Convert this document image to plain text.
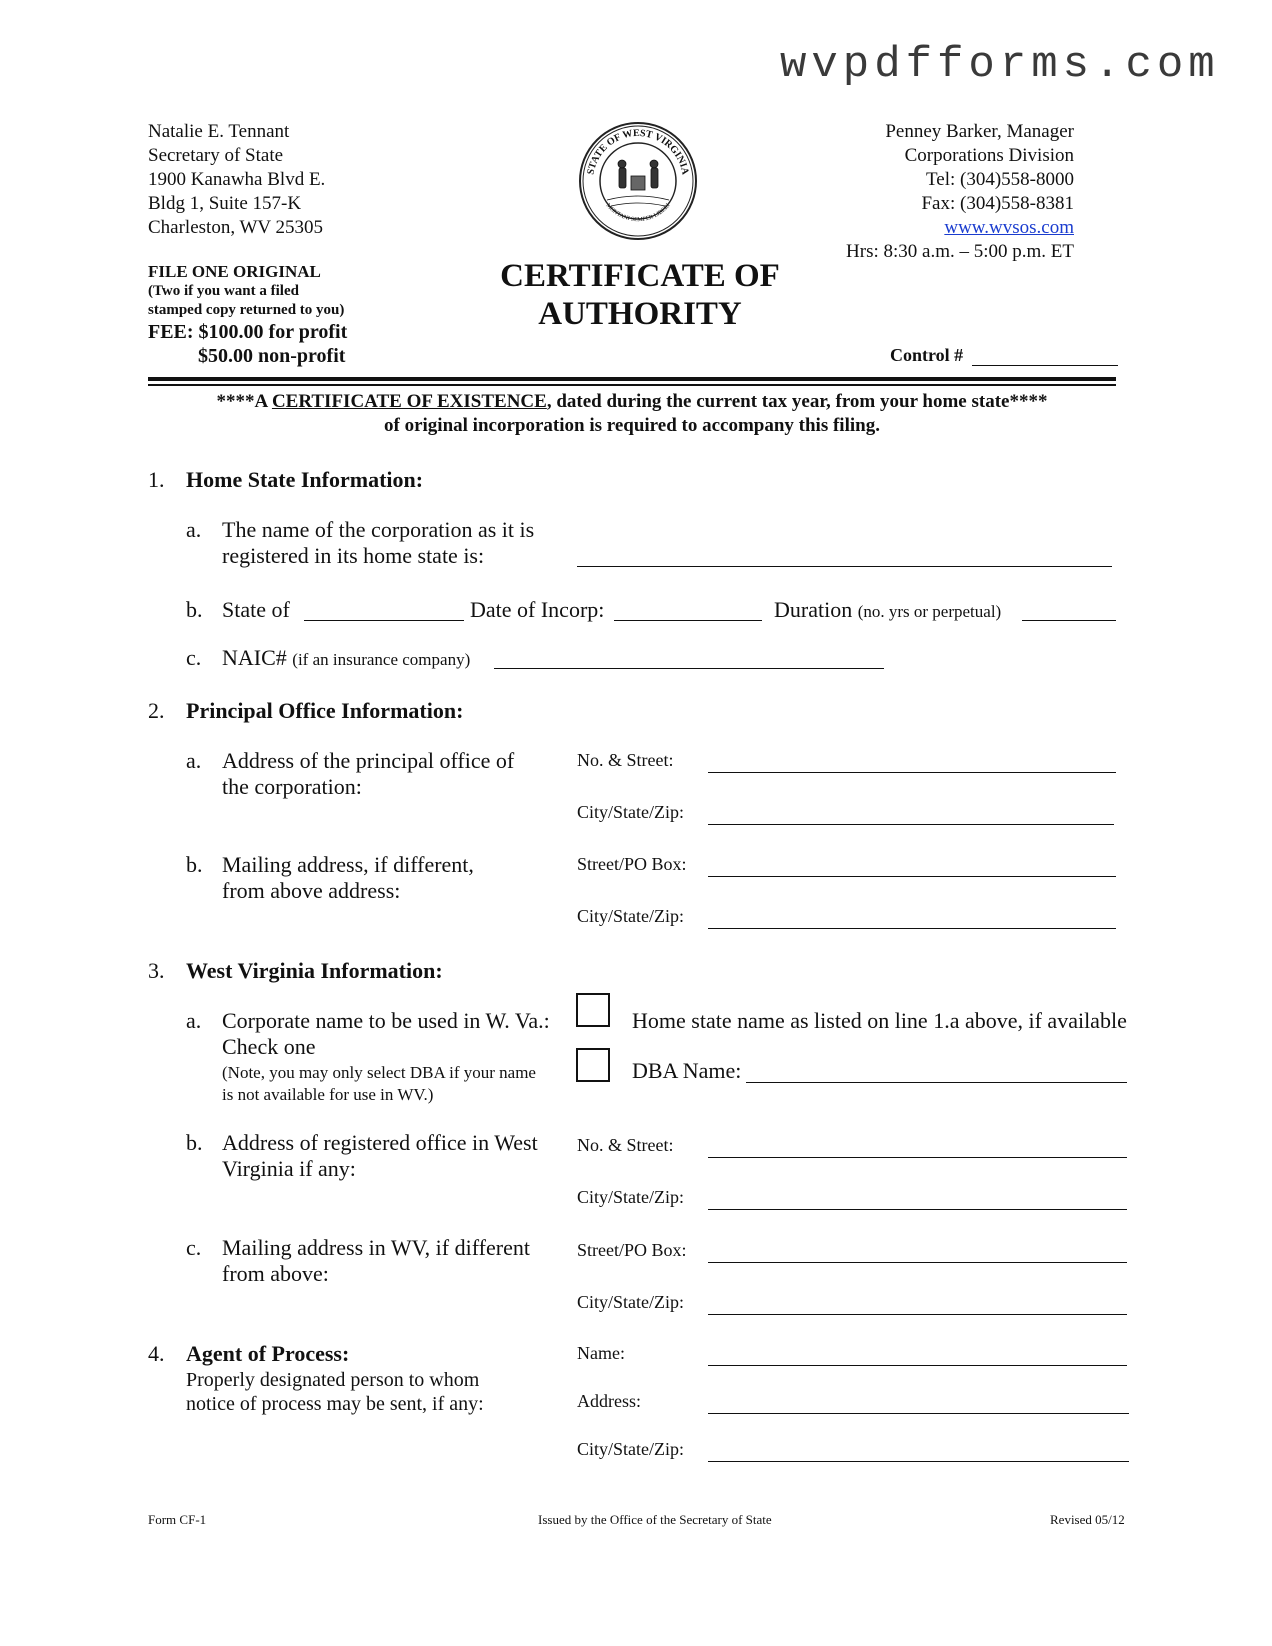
wvpdfforms.com
Natalie E. Tennant
Secretary of State
1900 Kanawha Blvd E.
Bldg 1, Suite 157-K
Charleston, WV 25305
STATE OF WEST VIRGINIA
MONTANI SEMPER LIBERI
Penney Barker, Manager
Corporations Division
Tel: (304)558-8000
Fax: (304)558-8381
www.wvsos.com
Hrs: 8:30 a.m. – 5:00 p.m. ET
FILE ONE ORIGINAL
(Two if you want a filed
stamped copy returned to you)
FEE: $100.00 for profit
$50.00 non-profit
CERTIFICATE OF
AUTHORITY
Control #
****A CERTIFICATE OF EXISTENCE, dated during the current tax year, from your home state****
of original incorporation is required to accompany this filing.
1. Home State Information:
a. The name of the corporation as it is
registered in its home state is:
b. State of	Date of Incorp:	Duration (no. yrs or perpetual)
c. NAIC# (if an insurance company)
2. Principal Office Information:
a. Address of the principal office of
the corporation:
No. & Street:
City/State/Zip:
b. Mailing address, if different,
from above address:
Street/PO Box:
City/State/Zip:
3. West Virginia Information:
a. Corporate name to be used in W. Va.:
Check one
(Note, you may only select DBA if your name
is not available for use in WV.)
Home state name as listed on line 1.a above, if available
DBA Name:
b. Address of registered office in West
Virginia if any:
No. & Street:
City/State/Zip:
c. Mailing address in WV, if different
from above:
Street/PO Box:
City/State/Zip:
4. Agent of Process:
Properly designated person to whom
notice of process may be sent, if any:
Name:
Address:
City/State/Zip:
Form CF-1	Issued by the Office of the Secretary of State	Revised 05/12
